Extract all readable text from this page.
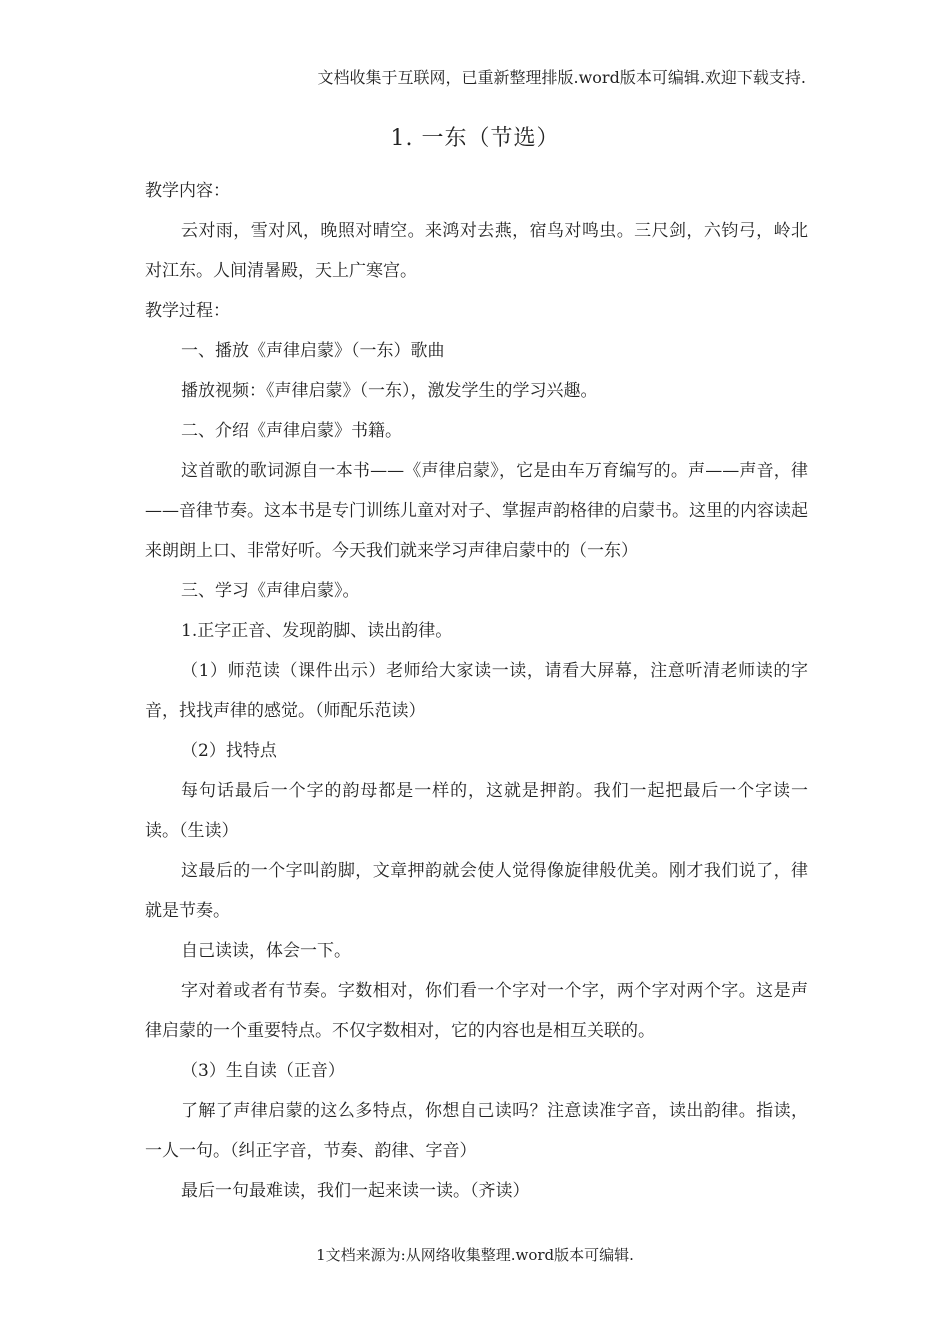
文档收集于互联网，已重新整理排版.word版本可编辑.欢迎下载支持.
1. 一东（节选）

教学内容：

云对雨，雪对风，晚照对晴空。来鸿对去燕，宿鸟对鸣虫。三尺剑，六钧弓，岭北对江东。人间清暑殿，天上广寒宫。

教学过程：

一、播放《声律启蒙》（一东）歌曲

播放视频：《声律启蒙》（一东），激发学生的学习兴趣。

二、介绍《声律启蒙》书籍。

这首歌的歌词源自一本书——《声律启蒙》，它是由车万育编写的。声——声音，律——音律节奏。这本书是专门训练儿童对对子、掌握声韵格律的启蒙书。这里的内容读起来朗朗上口、非常好听。今天我们就来学习声律启蒙中的（一东）

三、学习《声律启蒙》。

1.正字正音、发现韵脚、读出韵律。

（1）师范读（课件出示）老师给大家读一读，请看大屏幕，注意听清老师读的字音，找找声律的感觉。（师配乐范读）

（2）找特点

每句话最后一个字的韵母都是一样的，这就是押韵。我们一起把最后一个字读一读。（生读）

这最后的一个字叫韵脚，文章押韵就会使人觉得像旋律般优美。刚才我们说了，律就是节奏。

自己读读，体会一下。

字对着或者有节奏。字数相对，你们看一个字对一个字，两个字对两个字。这是声律启蒙的一个重要特点。不仅字数相对，它的内容也是相互关联的。

（3）生自读（正音）

了解了声律启蒙的这么多特点，你想自己读吗？注意读准字音，读出韵律。指读，一人一句。（纠正字音，节奏、韵律、字音）

最后一句最难读，我们一起来读一读。（齐读）

1文档来源为:从网络收集整理.word版本可编辑.
